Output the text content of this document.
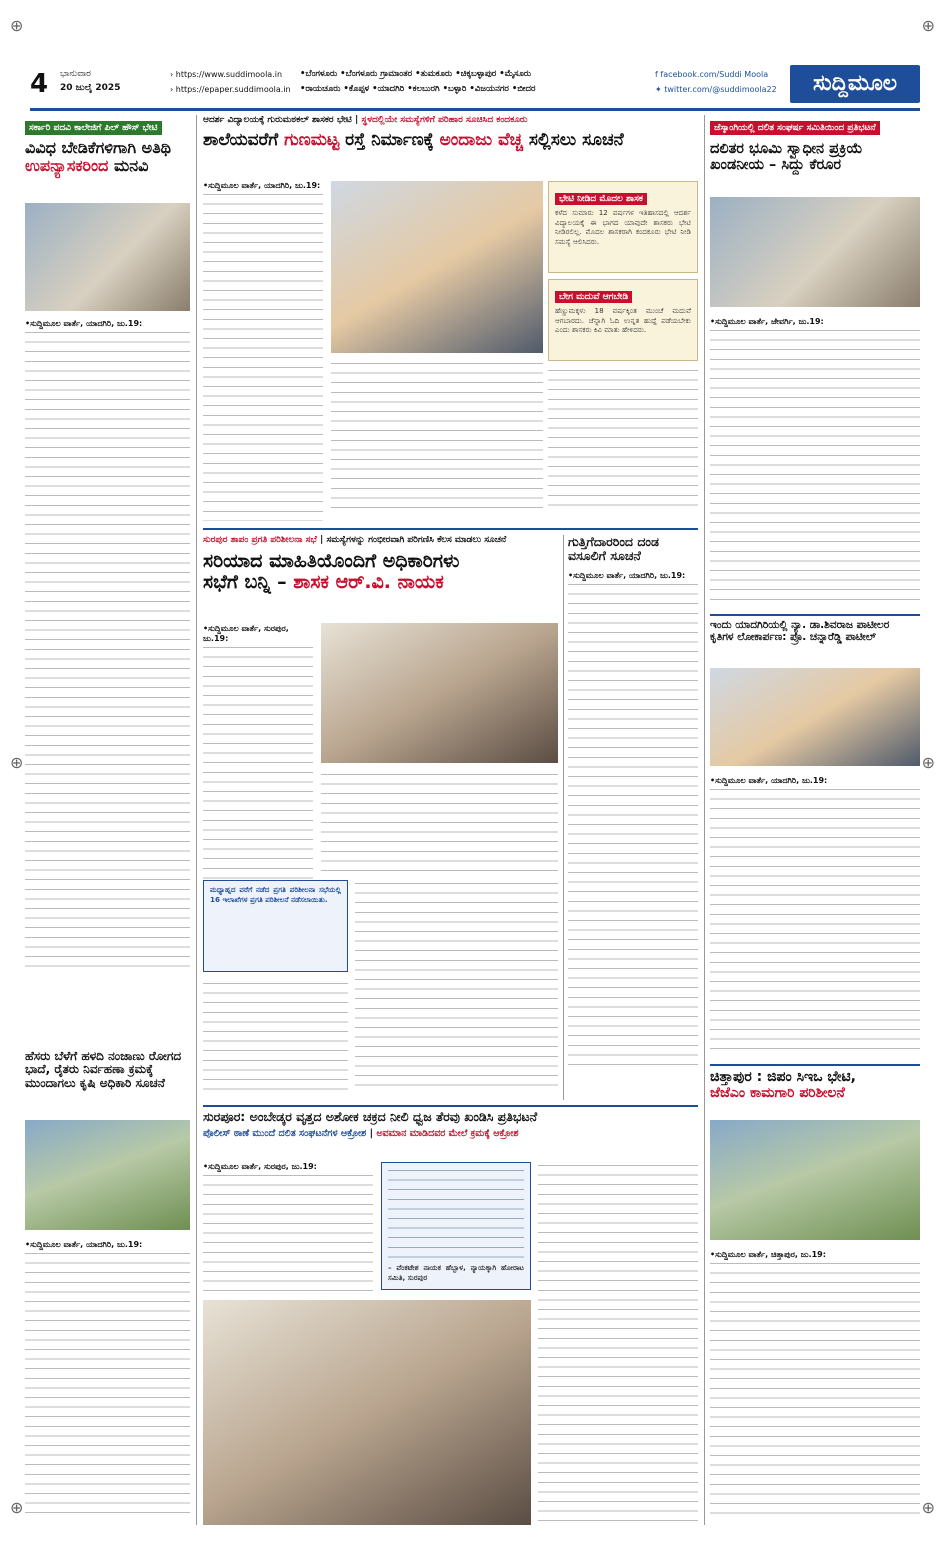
⊕	⊕
⊕	⊕
⊕	⊕
4 ಭಾನುವಾರ
20 ಜುಲೈ 2025
› https://www.suddimoola.in
› https://epaper.suddimoola.in
•ಬೆಂಗಳೂರು •ಬೆಂಗಳೂರು ಗ್ರಾಮಾಂತರ •ತುಮಕೂರು •ಚಿಕ್ಕಬಳ್ಳಾಪುರ •ಮೈಸೂರು
•ರಾಯಚೂರು •ಕೊಪ್ಪಳ •ಯಾದಗಿರಿ •ಕಲಬುರಗಿ •ಬಳ್ಳಾರಿ •ವಿಜಯನಗರ •ಬೀದರ
f facebook.com/Suddi Moola
✦ twitter.com/@suddimoola22	ಸುದ್ದಿಮೂಲ
ಸರ್ಕಾರಿ ಪದವಿ ಕಾಲೇಜಿಗೆ ಪಿಲ್ ಹೌಸ್ ಭೇಟಿ
ವಿವಿಧ ಬೇಡಿಕೆಗಳಿಗಾಗಿ ಅತಿಥಿ
ಉಪನ್ಯಾಸಕರಿಂದ ಮನವಿ
•ಸುದ್ದಿಮೂಲ ವಾರ್ತೆ, ಯಾದಗಿರಿ, ಜು.19:
ಹೆಸರು ಬೆಳೆಗೆ ಹಳದಿ ನಂಜಾಣು ರೋಗದ ಭಾದೆ, ರೈತರು ನಿರ್ವಹಣಾ ಕ್ರಮಕ್ಕೆ ಮುಂದಾಗಲು ಕೃಷಿ ಅಧಿಕಾರಿ ಸೂಚನೆ
•ಸುದ್ದಿಮೂಲ ವಾರ್ತೆ, ಯಾದಗಿರಿ, ಜು.19:
ಆದರ್ಶ ವಿದ್ಯಾಲಯಕ್ಕೆ ಗುರುಮಠಕಲ್ ಶಾಸಕರ ಭೇಟಿ | ಸ್ಥಳದಲ್ಲಿಯೇ ಸಮಸ್ಯೆಗಳಿಗೆ ಪರಿಹಾರ ಸೂಚಿಸಿದ ಕಂದಕೂರು
ಶಾಲೆಯವರೆಗೆ ಗುಣಮಟ್ಟ ರಸ್ತೆ ನಿರ್ಮಾಣಕ್ಕೆ ಅಂದಾಜು ವೆಚ್ಚ ಸಲ್ಲಿಸಲು ಸೂಚನೆ
•ಸುದ್ದಿಮೂಲ ವಾರ್ತೆ, ಯಾದಗಿರಿ, ಜು.19:
ಭೇಟಿ ನೀಡಿದ ಮೊದಲ ಶಾಸಕ
ಕಳೆದ ಸುಮಾರು 12 ವರ್ಷಗಳ ಇತಿಹಾಸದಲ್ಲಿ ಆದರ್ಶ ವಿದ್ಯಾಲಯಕ್ಕೆ ಈ ಭಾಗದ ಯಾವುದೇ ಶಾಸಕರು ಭೇಟಿ ನೀಡಿರಲಿಲ್ಲ. ಮೊದಲ ಶಾಸಕರಾಗಿ ಕಂದಕೂರು ಭೇಟಿ ನೀಡಿ ಸಮಸ್ಯೆ ಆಲಿಸಿದರು.
ಬೇಗ ಮದುವೆ ಆಗಬೇಡಿ
ಹೆಣ್ಣುಮಕ್ಕಳು 18 ವರ್ಷಕ್ಕಿಂತ ಮುಂಚೆ ಮದುವೆ ಆಗಬಾರದು. ಚೆನ್ನಾಗಿ ಓದಿ ಉನ್ನತ ಹುದ್ದೆ ಪಡೆಯಬೇಕು ಎಂದು ಶಾಸಕರು ಕಿವಿ ಮಾತು ಹೇಳಿದರು.
ಸುರಪುರ ತಾಪಂ ಪ್ರಗತಿ ಪರಿಶೀಲನಾ ಸಭೆ | ಸಮಸ್ಯೆಗಳನ್ನು ಗಂಭೀರವಾಗಿ ಪರಿಗಣಿಸಿ ಕೆಲಸ ಮಾಡಲು ಸೂಚನೆ
ಸರಿಯಾದ ಮಾಹಿತಿಯೊಂದಿಗೆ ಅಧಿಕಾರಿಗಳು
ಸಭೆಗೆ ಬನ್ನಿ – ಶಾಸಕ ಆರ್.ವಿ. ನಾಯಕ
•ಸುದ್ದಿಮೂಲ ವಾರ್ತೆ, ಸುರಪುರ, ಜು.19:
ಮಧ್ಯಾಹ್ನದ ವರೆಗೆ ನಡೆದ ಪ್ರಗತಿ ಪರಿಶೀಲನಾ ಸಭೆಯಲ್ಲಿ 16 ಇಲಾಖೆಗಳ ಪ್ರಗತಿ ಪರಿಶೀಲನೆ ನಡೆಸಲಾಯಿತು.
ಗುತ್ತಿಗೆದಾರರಿಂದ ದಂಡ ವಸೂಲಿಗೆ ಸೂಚನೆ
•ಸುದ್ದಿಮೂಲ ವಾರ್ತೆ, ಯಾದಗಿರಿ, ಜು.19:
ಜೆಸ್ಕಾಂಗಿಯಲ್ಲಿ ದಲಿತ ಸಂಘರ್ಷ ಸಮಿತಿಯಿಂದ ಪ್ರತಿಭಟನೆ
ದಲಿತರ ಭೂಮಿ ಸ್ವಾಧೀನ ಪ್ರಕ್ರಿಯೆ
ಖಂಡನೀಯ – ಸಿದ್ದು ಕೆರೂರ
•ಸುದ್ದಿಮೂಲ ವಾರ್ತೆ, ಜೇವರ್ಗಿ, ಜು.19:
ಇಂದು ಯಾದಗಿರಿಯಲ್ಲಿ ನ್ಯಾ. ಡಾ.ಶಿವರಾಜ ಪಾಟೀಲರ
ಕೃತಿಗಳ ಲೋಕಾರ್ಪಣ: ಪ್ರೊ. ಚನ್ನಾರೆಡ್ಡಿ ಪಾಟೀಲ್
•ಸುದ್ದಿಮೂಲ ವಾರ್ತೆ, ಯಾದಗಿರಿ, ಜು.19:
ಚಿತ್ತಾಪುರ : ಜಿಪಂ ಸಿಇಒ ಭೇಟಿ,
ಜೆಜೆಎಂ ಕಾಮಗಾರಿ ಪರಿಶೀಲನೆ
•ಸುದ್ದಿಮೂಲ ವಾರ್ತೆ, ಚಿತ್ತಾಪುರ, ಜು.19:
ಸುರಪೂರ: ಅಂಬೇಡ್ಕರ ವೃತ್ತದ ಅಶೋಕ ಚಕ್ರದ ನೀಲಿ ಧ್ವಜ ತೆರವು ಖಂಡಿಸಿ ಪ್ರತಿಭಟನೆ
ಪೊಲೀಸ್ ಠಾಣೆ ಮುಂದೆ ದಲಿತ ಸಂಘಟನೆಗಳ ಆಕ್ರೋಶ | ಅವಮಾನ ಮಾಡಿದವರ ಮೇಲೆ ಕ್ರಮಕ್ಕೆ ಆಕ್ರೋಶ
•ಸುದ್ದಿಮೂಲ ವಾರ್ತೆ, ಸುರಪುರ, ಜು.19:
– ವೆಂಕಟೇಶ ನಾಯಕ ಹೆಬ್ಬಾಳ, ನ್ಯಾಯಕ್ಕಾಗಿ ಹೋರಾಟ ಸಮಿತಿ, ಸುರಪುರ
